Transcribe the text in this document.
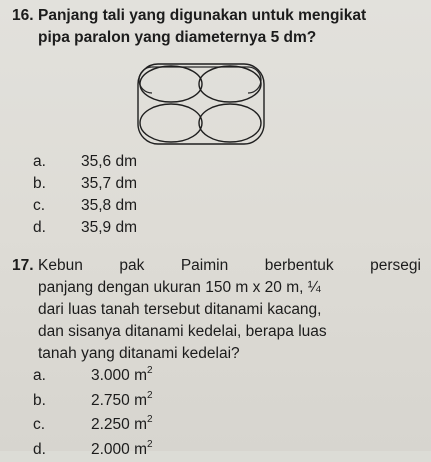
16. Panjang tali yang digunakan untuk mengikat
pipa paralon yang diameternya 5 dm?
a.	35,6 dm
b.	35,7 dm
c.	35,8 dm
d.	35,9 dm
17. Kebun pak Paimin berbentuk persegi
panjang dengan ukuran 150 m x 20 m, ¼
dari luas tanah tersebut ditanami kacang,
dan sisanya ditanami kedelai, berapa luas
tanah yang ditanami kedelai?
a.	3.000 $m^2$
b.	2.750 $m^2$
c.	2.250 $m^2$
d.	2.000 $m^2$
